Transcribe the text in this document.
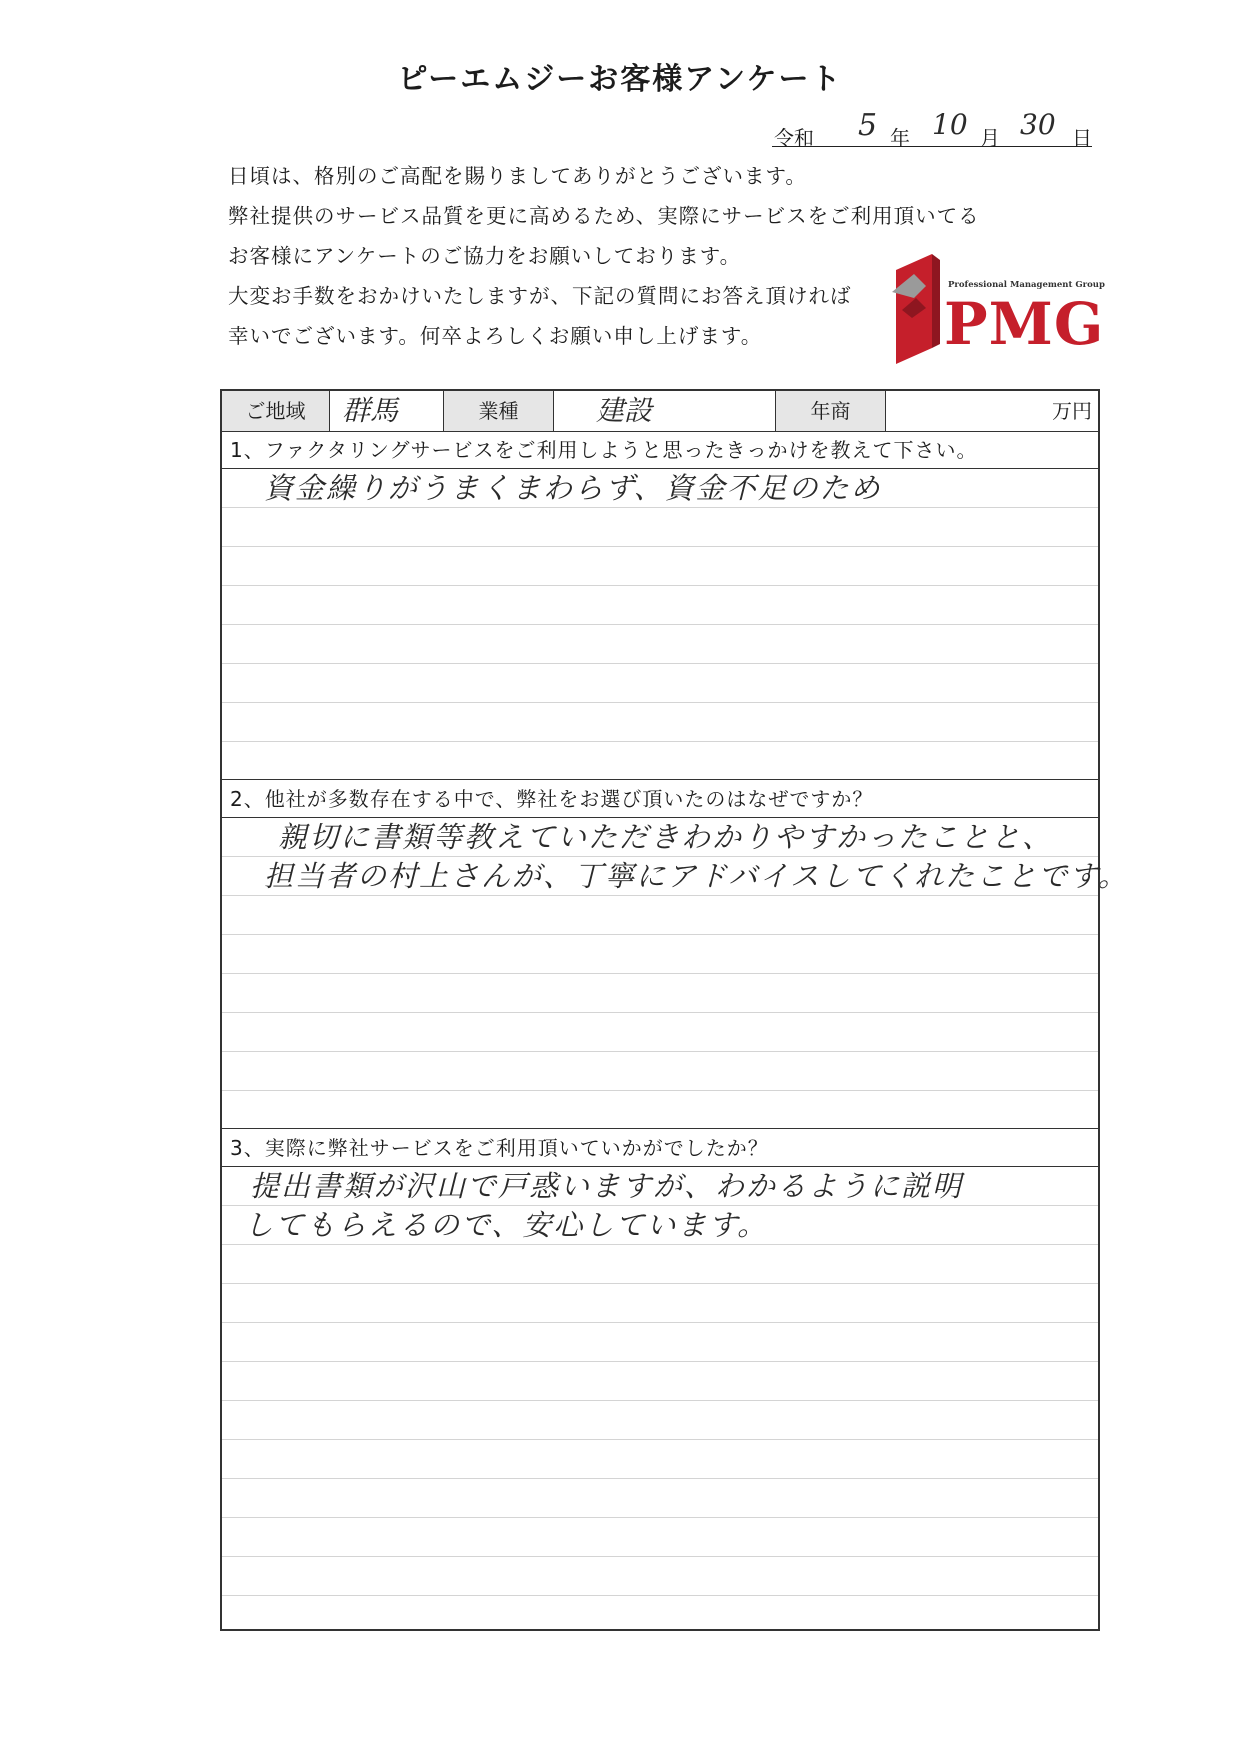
ピーエムジーお客様アンケート
令和 5 年 10 月 30 日

日頃は、格別のご高配を賜りましてありがとうございます。

弊社提供のサービス品質を更に高めるため、実際にサービスをご利用頂いてる

お客様にアンケートのご協力をお願いしております。

大変お手数をおかけいたしますが、下記の質問にお答え頂ければ

幸いでございます。何卒よろしくお願い申し上げます。

Professional Management Group
PMG
ご地域	群馬	業種	建設	年商	万円
1、ファクタリングサービスをご利用しようと思ったきっかけを教えて下さい。

資金繰りがうまくまわらず、資金不足のため

2、他社が多数存在する中で、弊社をお選び頂いたのはなぜですか？

親切に書類等教えていただきわかりやすかったことと、

担当者の村上さんが、丁寧にアドバイスしてくれたことです。

3、実際に弊社サービスをご利用頂いていかがでしたか？

提出書類が沢山で戸惑いますが、わかるように説明

してもらえるので、安心しています。
